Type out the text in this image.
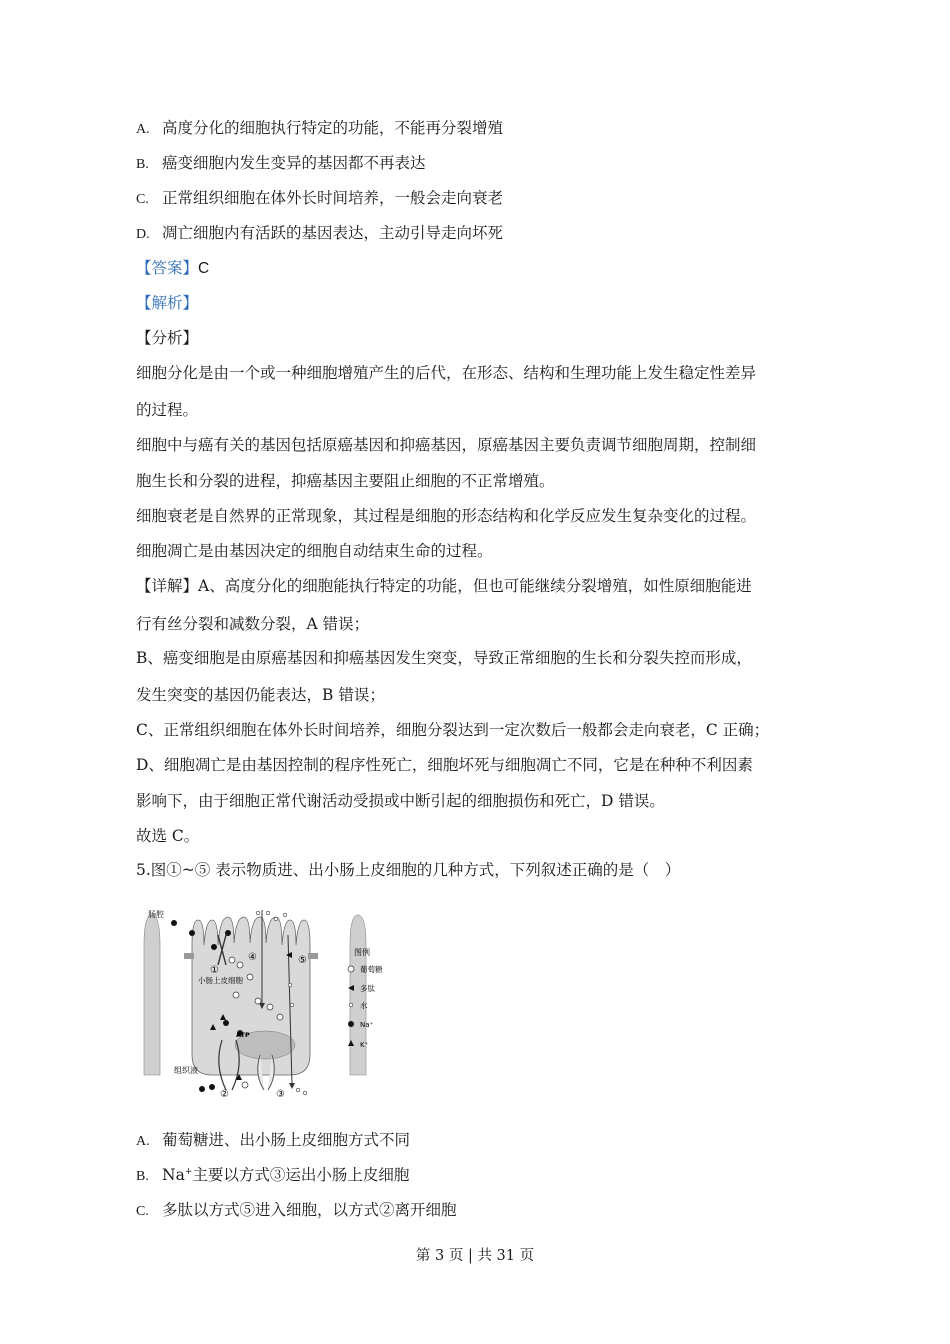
A. 高度分化的细胞执行特定的功能，不能再分裂增殖
B. 癌变细胞内发生变异的基因都不再表达
C. 正常组织细胞在体外长时间培养，一般会走向衰老
D. 凋亡细胞内有活跃的基因表达，主动引导走向坏死
【答案】C
【解析】
【分析】
细胞分化是由一个或一种细胞增殖产生的后代，在形态、结构和生理功能上发生稳定性差异
的过程。
细胞中与癌有关的基因包括原癌基因和抑癌基因，原癌基因主要负责调节细胞周期，控制细
胞生长和分裂的进程，抑癌基因主要阻止细胞的不正常增殖。
细胞衰老是自然界的正常现象，其过程是细胞的形态结构和化学反应发生复杂变化的过程。
细胞凋亡是由基因决定的细胞自动结束生命的过程。
【详解】A、高度分化的细胞能执行特定的功能，但也可能继续分裂增殖，如性原细胞能进
行有丝分裂和减数分裂，A 错误；
B、癌变细胞是由原癌基因和抑癌基因发生突变，导致正常细胞的生长和分裂失控而形成，
发生突变的基因仍能表达，B 错误；
C、正常组织细胞在体外长时间培养，细胞分裂达到一定次数后一般都会走向衰老，C 正确；
D、细胞凋亡是由基因控制的程序性死亡，细胞坏死与细胞凋亡不同，它是在种种不利因素
影响下，由于细胞正常代谢活动受损或中断引起的细胞损伤和死亡，D 错误。
故选 C。
5.图①~⑤ 表示物质进、出小肠上皮细胞的几种方式，下列叙述正确的是（　）
肠腔
小肠上皮细胞
组织液
ATP
①
②	③
④	⑤
图例
葡萄糖
多肽
水
Na⁺
K⁺
A. 葡萄糖进、出小肠上皮细胞方式不同
B. Na+主要以方式③运出小肠上皮细胞
C. 多肽以方式⑤进入细胞，以方式②离开细胞
第 3 页 | 共 31 页
